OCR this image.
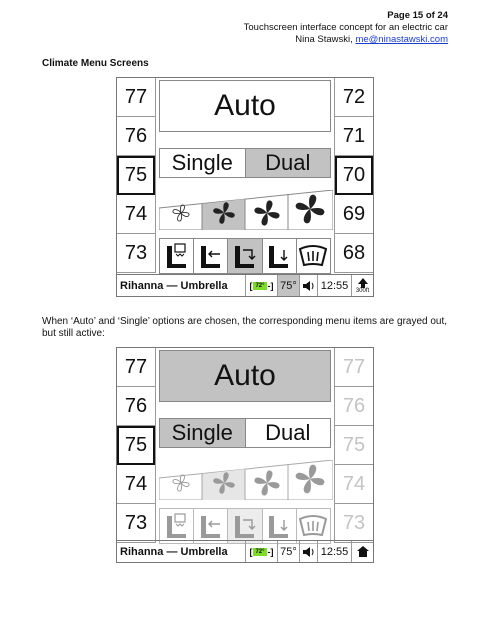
Page 15 of 24
Touchscreen interface concept for an electric car
Nina Stawski, me@ninastawski.com
Climate Menu Screens
77
76
75
74
73
72
71
70
69
68
Auto
Single	Dual
Rihanna — Umbrella	[ 72° -] 75°	12:55	300ft
When ‘Auto’ and ‘Single’ options are chosen, the corresponding menu items are grayed out, but still active:
77
76
75
74
73
77
76
75
74
73
Auto
Single	Dual
Rihanna — Umbrella	[ 72° -] 75°	12:55
